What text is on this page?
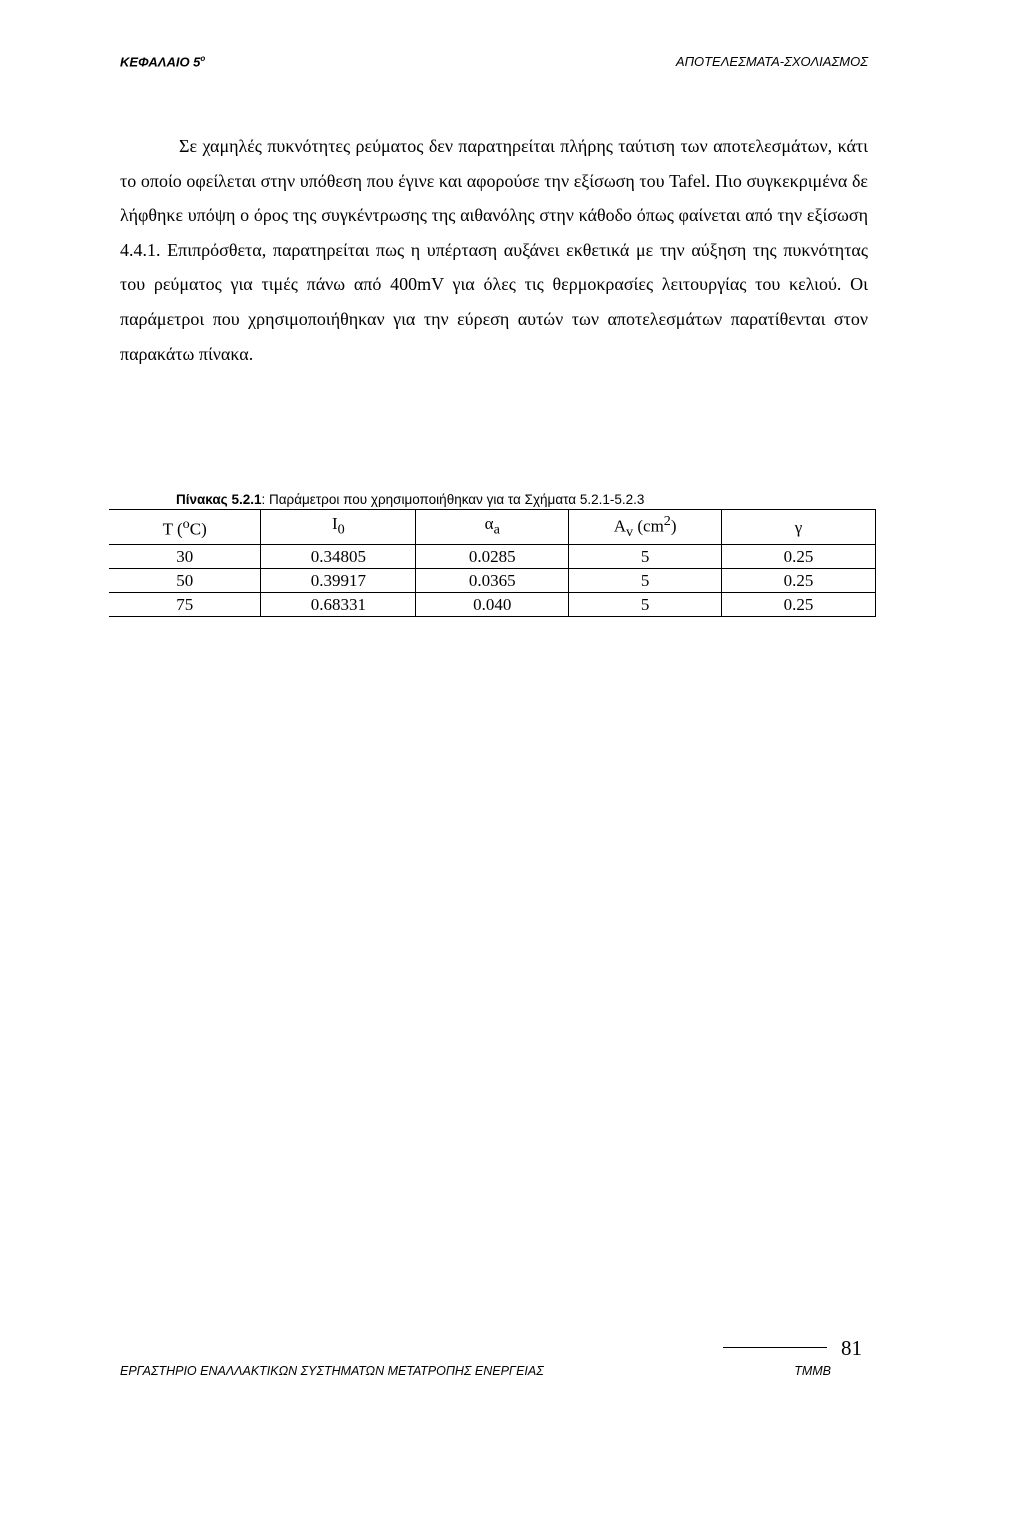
ΚΕΦΑΛΑΙΟ $5^o$	ΑΠΟΤΕΛΕΣΜΑΤΑ-ΣΧΟΛΙΑΣΜΟΣ

Σε χαμηλές πυκνότητες ρεύματος δεν παρατηρείται πλήρης ταύτιση των αποτελεσμάτων, κάτι το οποίο οφείλεται στην υπόθεση που έγινε και αφορούσε την εξίσωση του Tafel. Πιο συγκεκριμένα δε λήφθηκε υπόψη ο όρος της συγκέντρωσης της αιθανόλης στην κάθοδο όπως φαίνεται από την εξίσωση 4.4.1. Επιπρόσθετα, παρατηρείται πως η υπέρταση αυξάνει εκθετικά με την αύξηση της πυκνότητας του ρεύματος για τιμές πάνω από 400mV για όλες τις θερμοκρασίες λειτουργίας του κελιού. Οι παράμετροι που χρησιμοποιήθηκαν για την εύρεση αυτών των αποτελεσμάτων παρατίθενται στον παρακάτω πίνακα.

Πίνακας 5.2.1: Παράμετροι που χρησιμοποιήθηκαν για τα Σχήματα 5.2.1-5.2.3
T ($^o$C)	$I_0$	$\alpha_a$	$A_v$ $(cm^2)$	γ
30	0.34805	0.0285	5	0.25
50	0.39917	0.0365	5	0.25
75	0.68331	0.040	5	0.25
81
ΕΡΓΑΣΤΗΡΙΟ ΕΝΑΛΛΑΚΤΙΚΩΝ ΣΥΣΤΗΜΑΤΩΝ ΜΕΤΑΤΡΟΠΗΣ ΕΝΕΡΓΕΙΑΣ	ΤΜΜΒ
